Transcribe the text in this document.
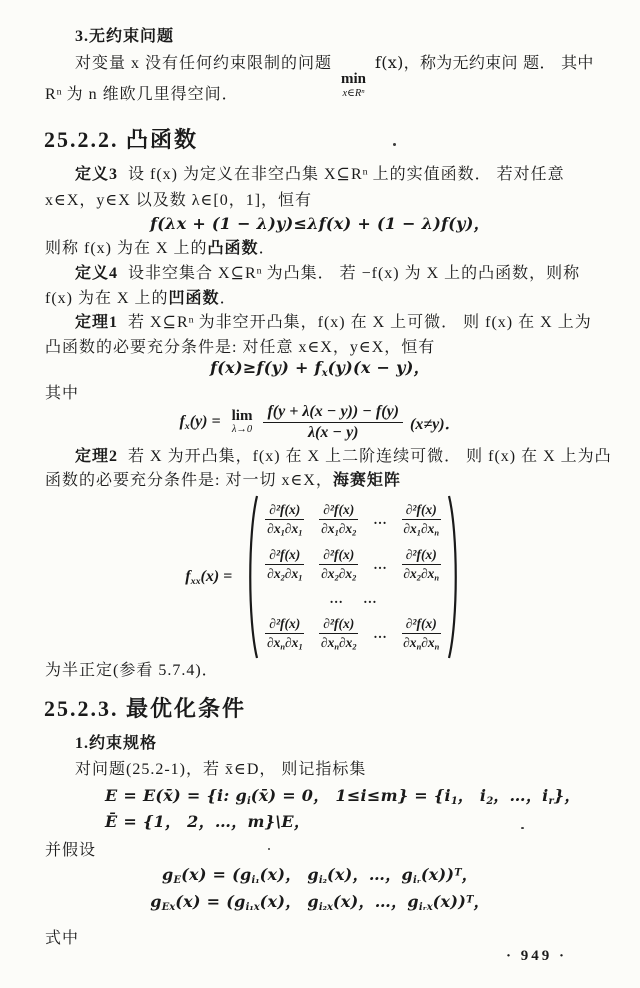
3.无约束问题
对变量 x 没有任何约束限制的问题
min
$x\in R^n$
f(x)，称为无约束问 题． 其中
$R^n$ 为 n 维欧几里得空间．
25.2.2. 凸函数
定义3 设 f(x) 为定义在非空凸集 $X⊆R^n$ 上的实值函数． 若对任意
x∈X，y∈X 以及数 λ∈[0，1]，恒有
f(λx + (1 − λ)y)≤λf(x) + (1 − λ)f(y)，
则称 f(x) 为在 X 上的凸函数．
定义4 设非空集合 $X⊆R^n$ 为凸集． 若 −f(x) 为 X 上的凸函数，则称
f(x) 为在 X 上的凹函数．
定理1 若 $X⊆R^n$ 为非空开凸集，f(x) 在 X 上可微． 则 f(x) 在 X 上为
凸函数的必要充分条件是: 对任意 x∈X，y∈X，恒有
$f(x)\ge f(y) + f_x(y)(x - y)$，
其中
$f_x(y) = \lim$
$\lambda\to 0 \frac{f(y + \lambda(x - y)) - f(y)}{\lambda(x - y)} (x\ne y)$．
定理2 若 X 为开凸集，f(x) 在 X 上二阶连续可微． 则 f(x) 在 X 上为凸
函数的必要充分条件是: 对一切 x∈X，海赛矩阵
$f_{xx}(x)$ =
$\frac{\text{∂²f(x)}}{\partial x_1\partial x_1} \frac{\text{∂²f(x)}}{\partial x_1\partial x_2}$ … $\frac{\text{∂²f(x)}}{\partial x_1\partial x_n}$
$\frac{\text{∂²f(x)}}{\partial x_2\partial x_1} \frac{\text{∂²f(x)}}{\partial x_2\partial x_2}$ … $\frac{\text{∂²f(x)}}{\partial x_2\partial x_n}$
…      …
$\frac{\text{∂²f(x)}}{\partial x_n\partial x_1} \frac{\text{∂²f(x)}}{\partial x_n\partial x_2}$ … $\frac{\text{∂²f(x)}}{\partial x_n\partial x_n}$
为半正定(参看 5.7.4)．
25.2.3. 最优化条件
1.约束规格
对问题(25.2-1)，若 x̄∈D， 则记指标集
E = E(x̄) = {i: $g_i(x̄) = 0$， $1\le i\le m\} = \{i_1$， $i_2$，…，$i_r$}，
Ē = {1， 2，…，m}\E，
并假设
$g_E(x) = (g_{i_1}(x)$， $g_{i_2}(x)$，…，$g_{iᵣ}(x))^T$，
$g_{Ex}(x) = (g_{i_1x}(x)$， $g_{i_2x}(x)$，…，$g_{iᵣx}(x))^T$，
式中
· 949 ·
